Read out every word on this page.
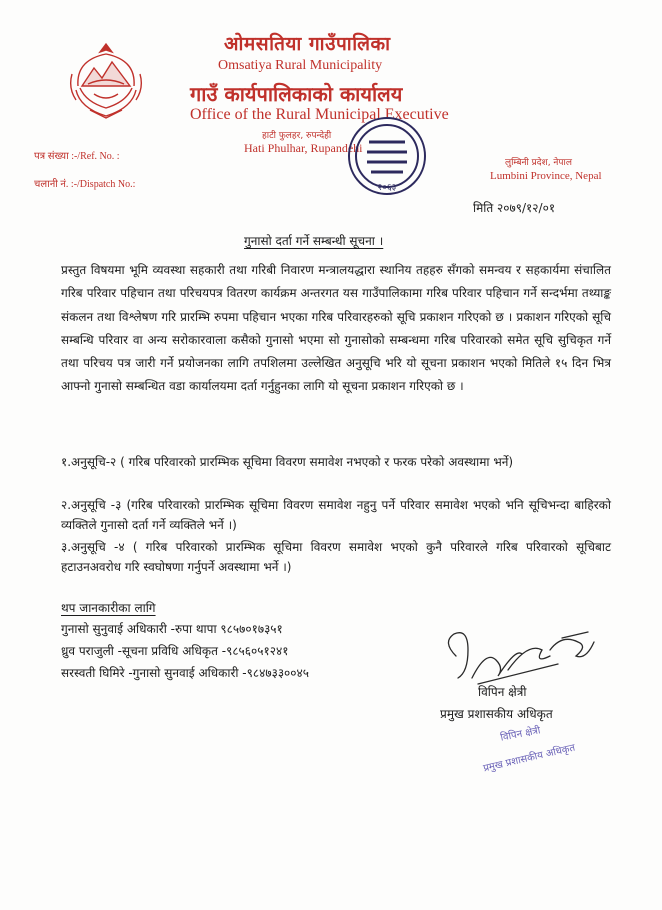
ओमसतिया गाउँपालिका
Omsatiya Rural Municipality
गाउँ कार्यपालिकाको कार्यालय
Office of the Rural Municipal Executive
हाटी फुलहर, रुपन्देही
Hati Phulhar, Rupandehi
२०६३
पत्र संख्या :-/Ref. No. :
चलानी नं. :-/Dispatch No.:
लुम्बिनी प्रदेश, नेपाल
Lumbini Province, Nepal
मिति २०७९/१२/०१
गुनासो दर्ता गर्ने सम्बन्धी सूचना ।
प्रस्तुत विषयमा भूमि व्यवस्था सहकारी तथा गरिबी निवारण मन्त्रालयद्धारा स्थानिय तहहरु सँगको समन्वय र सहकार्यमा संचालित गरिब परिवार पहिचान तथा परिचयपत्र वितरण कार्यक्रम अन्तरगत यस गाउँपालिकामा गरिब परिवार पहिचान गर्ने सन्दर्भमा तथ्याङ्क संकलन तथा विश्लेषण गरि प्रारम्भि रुपमा पहिचान भएका गरिब परिवारहरुको सूचि प्रकाशन गरिएको छ । प्रकाशन गरिएको सूचि सम्बन्धि परिवार वा अन्य सरोकारवाला कसैको गुनासो भएमा सो गुनासोको सम्बन्धमा गरिब परिवारको समेत सूचि सुचिकृत गर्ने तथा परिचय पत्र जारी गर्ने प्रयोजनका लागि तपशिलमा उल्लेखित अनुसूचि भरि यो सूचना प्रकाशन भएको मितिले १५ दिन भित्र आफ्नो गुनासो सम्बन्धित वडा कार्यालयमा दर्ता गर्नुहुनका लागि यो सूचना प्रकाशन गरिएको छ ।
१.अनुसूचि-२ ( गरिब परिवारको प्रारम्भिक सूचिमा विवरण समावेश नभएको र फरक परेको अवस्थामा भर्ने)
२.अनुसूचि -३ (गरिब परिवारको प्रारम्भिक सूचिमा विवरण समावेश नहुनु पर्ने परिवार समावेश भएको भनि सूचिभन्दा बाहिरको व्यक्तिले गुनासो दर्ता गर्ने व्यक्तिले भर्ने ।)
३.अनुसूचि -४ ( गरिब परिवारको प्रारम्भिक सूचिमा विवरण समावेश भएको कुनै परिवारले गरिब परिवारको सूचिबाट हटाउनअवरोध गरि स्वघोषणा गर्नुपर्ने अवस्थामा भर्ने ।)
थप जानकारीका लागि
गुनासो सुनुवाई अधिकारी -रुपा थापा ९८५७०१७३५१
ध्रुव पराजुली -सूचना प्रविधि अधिकृत -९८५६०५१२४१
सरस्वती घिमिरे -गुनासो सुनवाई अधिकारी -९८४७३३००४५
विपिन क्षेत्री
प्रमुख प्रशासकीय अधिकृत
विपिन क्षेत्री
प्रमुख प्रशासकीय अधिकृत
